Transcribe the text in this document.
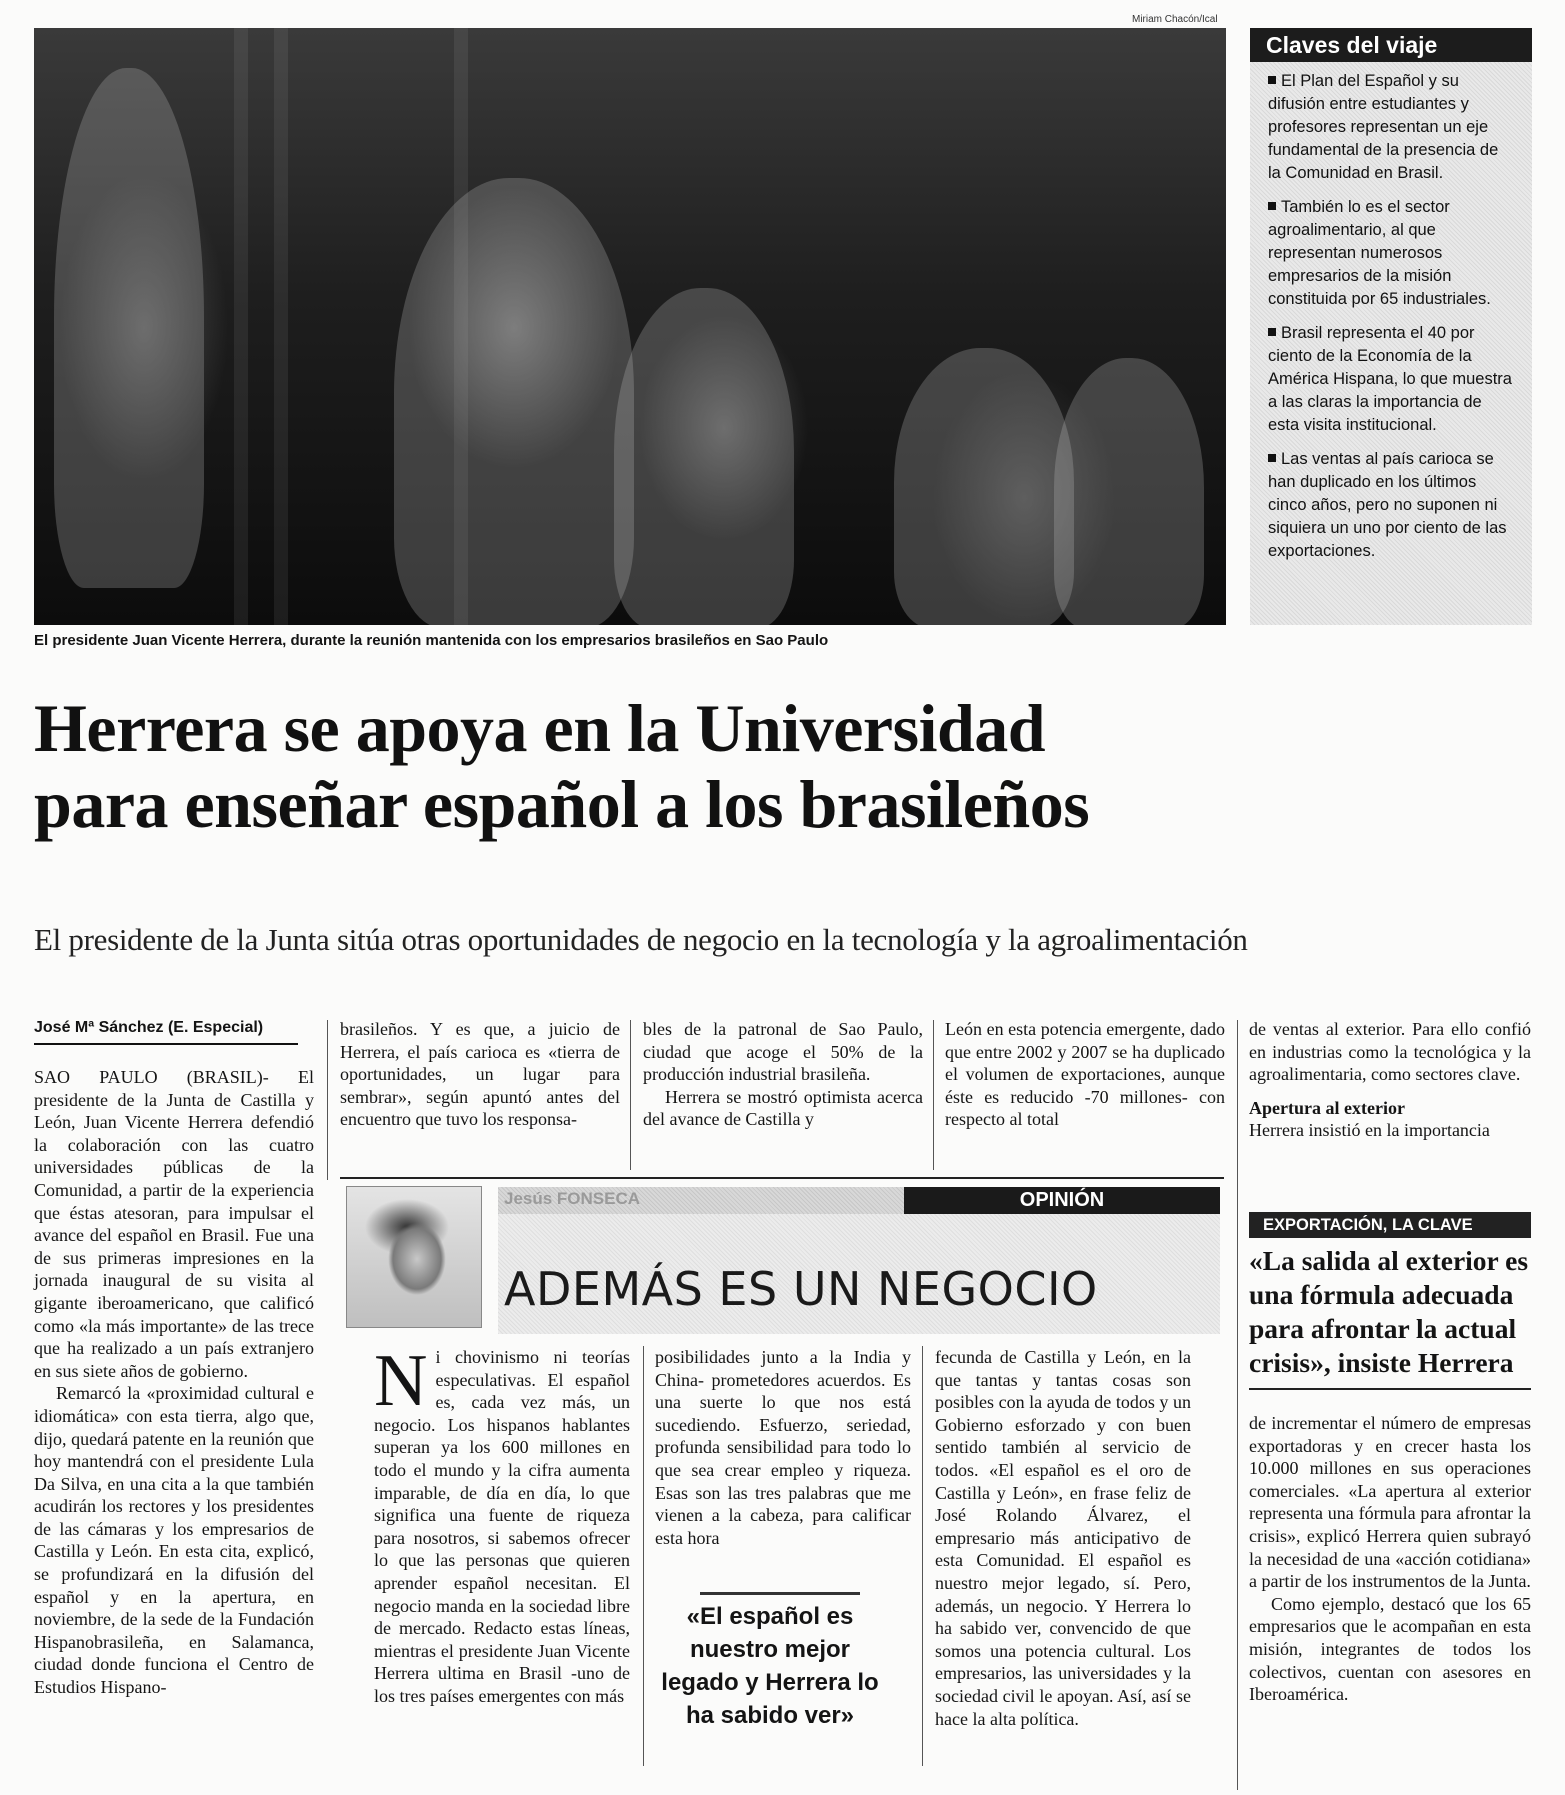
Miriam Chacón/Ical
El presidente Juan Vicente Herrera, durante la reunión mantenida con los empresarios brasileños en Sao Paulo
Claves del viaje
El Plan del Español y su difusión entre estudiantes y profesores representan un eje fundamental de la presencia de la Comunidad en Brasil.
También lo es el sector agroalimentario, al que representan numerosos empresarios de la misión constituida por 65 industriales.
Brasil representa el 40 por ciento de la Economía de la América Hispana, lo que muestra a las claras la importancia de esta visita institucional.
Las ventas al país carioca se han duplicado en los últimos cinco años, pero no suponen ni siquiera un uno por ciento de las exportaciones.
Herrera se apoya en la Universidad
para enseñar español a los brasileños
El presidente de la Junta sitúa otras oportunidades de negocio en la tecnología y la agroalimentación
José Mª Sánchez (E. Especial)

SAO PAULO (BRASIL)- El presidente de la Junta de Castilla y León, Juan Vicente Herrera defendió la colaboración con las cuatro universidades públicas de la Comunidad, a partir de la experiencia que éstas atesoran, para impulsar el avance del español en Brasil. Fue una de sus primeras impresiones en la jornada inaugural de su visita al gigante iberoamericano, que calificó como «la más importante» de las trece que ha realizado a un país extranjero en sus siete años de gobierno.

Remarcó la «proximidad cultural e idiomática» con esta tierra, algo que, dijo, quedará patente en la reunión que hoy mantendrá con el presidente Lula Da Silva, en una cita a la que también acudirán los rectores y los presidentes de las cámaras y los empresarios de Castilla y León. En esta cita, explicó, se profundizará en la difusión del español y en la apertura, en noviembre, de la sede de la Fundación Hispanobrasileña, en Salamanca, ciudad donde funciona el Centro de Estudios Hispano-

brasileños. Y es que, a juicio de Herrera, el país carioca es «tierra de oportunidades, un lugar para sembrar», según apuntó antes del encuentro que tuvo los responsa-

bles de la patronal de Sao Paulo, ciudad que acoge el 50% de la producción industrial brasileña.

Herrera se mostró optimista acerca del avance de Castilla y

León en esta potencia emergente, dado que entre 2002 y 2007 se ha duplicado el volumen de exportaciones, aunque éste es reducido -70 millones- con respecto al total

de ventas al exterior. Para ello confió en industrias como la tecnológica y la agroalimentaria, como sectores clave.

Apertura al exterior

Herrera insistió en la importancia

Jesús FONSECA	OPINIÓN
ADEMÁS ES UN NEGOCIO

Ni chovinismo ni teorías especulativas. El español es, cada vez más, un negocio. Los hispanos hablantes superan ya los 600 millones en todo el mundo y la cifra aumenta imparable, de día en día, lo que significa una fuente de riqueza para nosotros, si sabemos ofrecer lo que las personas que quieren aprender español necesitan. El negocio manda en la sociedad libre de mercado. Redacto estas líneas, mientras el presidente Juan Vicente Herrera ultima en Brasil -uno de los tres países emergentes con más

posibilidades junto a la India y China- prometedores acuerdos. Es una suerte lo que nos está sucediendo. Esfuerzo, seriedad, profunda sensibilidad para todo lo que sea crear empleo y riqueza. Esas son las tres palabras que me vienen a la cabeza, para calificar esta hora

«El español es nuestro mejor legado y Herrera lo ha sabido ver»

fecunda de Castilla y León, en la que tantas y tantas cosas son posibles con la ayuda de todos y un Gobierno esforzado y con buen sentido también al servicio de todos. «El español es el oro de Castilla y León», en frase feliz de José Rolando Álvarez, el empresario más anticipativo de esta Comunidad. El español es nuestro mejor legado, sí. Pero, además, un negocio. Y Herrera lo ha sabido ver, convencido de que somos una potencia cultural. Los empresarios, las universidades y la sociedad civil le apoyan. Así, así se hace la alta política.

EXPORTACIÓN, LA CLAVE

«La salida al exterior es una fórmula adecuada para afrontar la actual crisis», insiste Herrera

de incrementar el número de empresas exportadoras y en crecer hasta los 10.000 millones en sus operaciones comerciales. «La apertura al exterior representa una fórmula para afrontar la crisis», explicó Herrera quien subrayó la necesidad de una «acción cotidiana» a partir de los instrumentos de la Junta.

Como ejemplo, destacó que los 65 empresarios que le acompañan en esta misión, integrantes de todos los colectivos, cuentan con asesores en Iberoamérica.
